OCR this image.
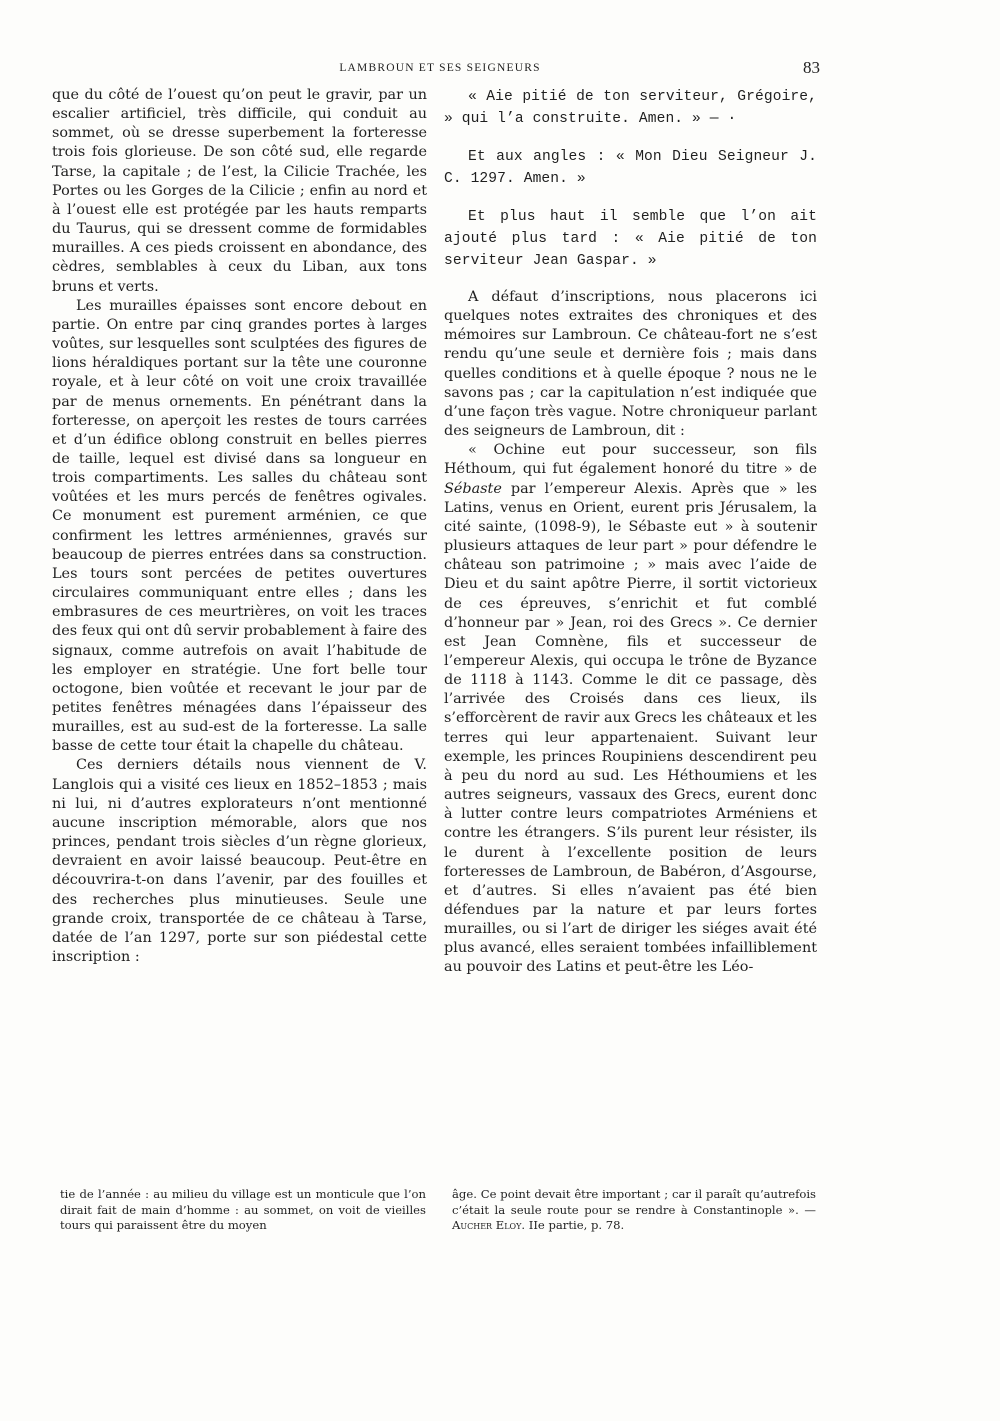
LAMBROUN ET SES SEIGNEURS	83

que du côté de l’ouest qu’on peut le gravir, par un escalier artificiel, très difficile, qui conduit au sommet, où se dresse superbement la forteresse trois fois glorieuse. De son côté sud, elle regarde Tarse, la capitale ; de l’est, la Cilicie Trachée, les Portes ou les Gorges de la Cilicie ; enfin au nord et à l’ouest elle est protégée par les hauts remparts du Taurus, qui se dressent comme de formidables murailles. A ces pieds croissent en abondance, des cèdres, semblables à ceux du Liban, aux tons bruns et verts.

Les murailles épaisses sont encore debout en partie. On entre par cinq grandes portes à larges voûtes, sur lesquelles sont sculptées des figures de lions héraldiques portant sur la tête une couronne royale, et à leur côté on voit une croix travaillée par de menus ornements. En pénétrant dans la forteresse, on aperçoit les restes de tours carrées et d’un édifice oblong construit en belles pierres de taille, lequel est divisé dans sa longueur en trois compartiments. Les salles du château sont voûtées et les murs percés de fenêtres ogivales. Ce monument est purement arménien, ce que confirment les lettres arméniennes, gravés sur beaucoup de pierres entrées dans sa construction. Les tours sont percées de petites ouvertures circulaires communiquant entre elles ; dans les embrasures de ces meurtrières, on voit les traces des feux qui ont dû servir probablement à faire des signaux, comme autrefois on avait l’habitude de les employer en stratégie. Une fort belle tour octogone, bien voûtée et recevant le jour par de petites fenêtres ménagées dans l’épaisseur des murailles, est au sud-est de la forteresse. La salle basse de cette tour était la chapelle du château.

Ces derniers détails nous viennent de V. Langlois qui a visité ces lieux en 1852–1853 ; mais ni lui, ni d’autres explorateurs n’ont mentionné aucune inscription mémorable, alors que nos princes, pendant trois siècles d’un règne glorieux, devraient en avoir laissé beaucoup. Peut-être en découvrira-t-on dans l’avenir, par des fouilles et des recherches plus minutieuses. Seule une grande croix, transportée de ce château à Tarse, datée de l’an 1297, porte sur son piédestal cette inscription :

« Aie pitié de ton serviteur, Grégoire, » qui l’a construite. Amen. » — ·

Et aux angles : « Mon Dieu Seigneur J. C. 1297. Amen. »

Et plus haut il semble que l’on ait ajouté plus tard : « Aie pitié de ton serviteur Jean Gaspar. »

A défaut d’inscriptions, nous placerons ici quelques notes extraites des chroniques et des mémoires sur Lambroun. Ce château-fort ne s’est rendu qu’une seule et dernière fois ; mais dans quelles conditions et à quelle époque ? nous ne le savons pas ; car la capitulation n’est indiquée que d’une façon très vague. Notre chroniqueur parlant des seigneurs de Lambroun, dit :

« Ochine eut pour successeur, son fils Héthoum, qui fut également honoré du titre » de Sébaste par l’empereur Alexis. Après que » les Latins, venus en Orient, eurent pris Jérusalem, la cité sainte, (1098-9), le Sébaste eut » à soutenir plusieurs attaques de leur part » pour défendre le château son patrimoine ; » mais avec l’aide de Dieu et du saint apôtre Pierre, il sortit victorieux de ces épreuves, s’enrichit et fut comblé d’honneur par » Jean, roi des Grecs ». Ce dernier est Jean Comnène, fils et successeur de l’empereur Alexis, qui occupa le trône de Byzance de 1118 à 1143. Comme le dit ce passage, dès l’arrivée des Croisés dans ces lieux, ils s’efforcèrent de ravir aux Grecs les châteaux et les terres qui leur appartenaient. Suivant leur exemple, les princes Roupiniens descendirent peu à peu du nord au sud. Les Héthoumiens et les autres seigneurs, vassaux des Grecs, eurent donc à lutter contre leurs compatriotes Arméniens et contre les étrangers. S’ils purent leur résister, ils le durent à l’excellente position de leurs forteresses de Lambroun, de Babéron, d’Asgourse, et d’autres. Si elles n’avaient pas été bien défendues par la nature et par leurs fortes murailles, ou si l’art de diriger les siéges avait été plus avancé, elles seraient tombées infailliblement au pouvoir des Latins et peut-être les Léo-

tie de l’année : au milieu du village est un monticule que l’on dirait fait de main d’homme : au sommet, on voit de vieilles tours qui paraissent être du moyen

âge. Ce point devait être important ; car il paraît qu’autrefois c’était la seule route pour se rendre à Constantinople ». — Aucher Eloy. IIe partie, p. 78.
